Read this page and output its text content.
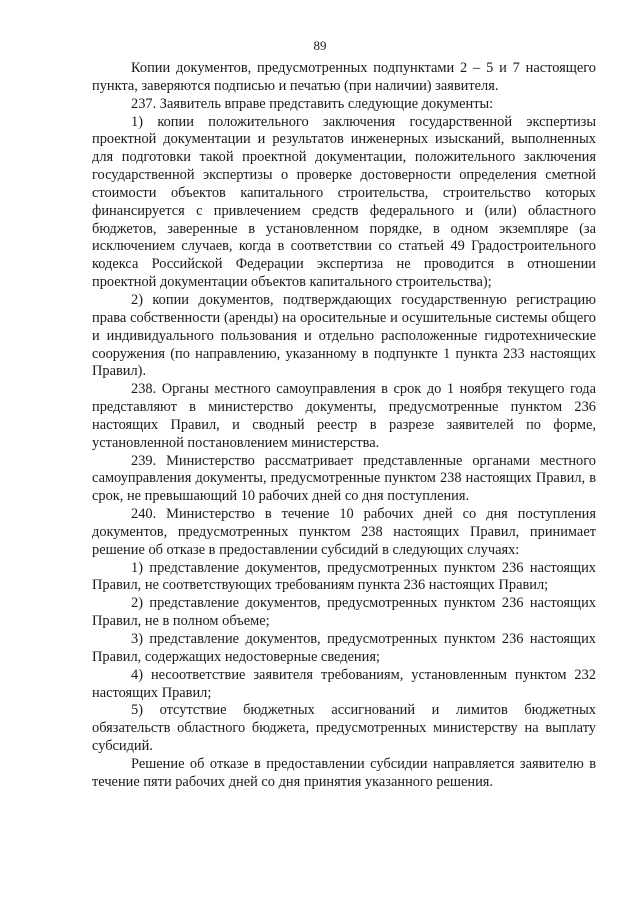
89

Копии документов, предусмотренных подпунктами 2 – 5 и 7 настоящего пункта, заверяются подписью и печатью (при наличии) заявителя.

237. Заявитель вправе представить следующие документы:

1) копии положительного заключения государственной экспертизы проектной документации и результатов инженерных изысканий, выполненных для подготовки такой проектной документации, положительного заключения государственной экспертизы о проверке достоверности определения сметной стоимости объектов капитального строительства, строительство которых финансируется с привлечением средств федерального и (или) областного бюджетов, заверенные в установленном порядке, в одном экземпляре (за исключением случаев, когда в соответствии со статьей 49 Градостроительного кодекса Российской Федерации экспертиза не проводится в отношении проектной документации объектов капитального строительства);

2) копии документов, подтверждающих государственную регистрацию права собственности (аренды) на оросительные и осушительные системы общего и индивидуального пользования и отдельно расположенные гидротехнические сооружения (по направлению, указанному в подпункте 1 пункта 233 настоящих Правил).

238. Органы местного самоуправления в срок до 1 ноября текущего года представляют в министерство документы, предусмотренные пунктом 236 настоящих Правил, и сводный реестр в разрезе заявителей по форме, установленной постановлением министерства.

239. Министерство рассматривает представленные органами местного самоуправления документы, предусмотренные пунктом 238 настоящих Правил, в срок, не превышающий 10 рабочих дней со дня поступления.

240. Министерство в течение 10 рабочих дней со дня поступления документов, предусмотренных пунктом 238 настоящих Правил, принимает решение об отказе в предоставлении субсидий в следующих случаях:

1) представление документов, предусмотренных пунктом 236 настоящих Правил, не соответствующих требованиям пункта 236 настоящих Правил;

2) представление документов, предусмотренных пунктом 236 настоящих Правил, не в полном объеме;

3) представление документов, предусмотренных пунктом 236 настоящих Правил, содержащих недостоверные сведения;

4) несоответствие заявителя требованиям, установленным пунктом 232 настоящих Правил;

5) отсутствие бюджетных ассигнований и лимитов бюджетных обязательств областного бюджета, предусмотренных министерству на выплату субсидий.

Решение об отказе в предоставлении субсидии направляется заявителю в течение пяти рабочих дней со дня принятия указанного решения.
